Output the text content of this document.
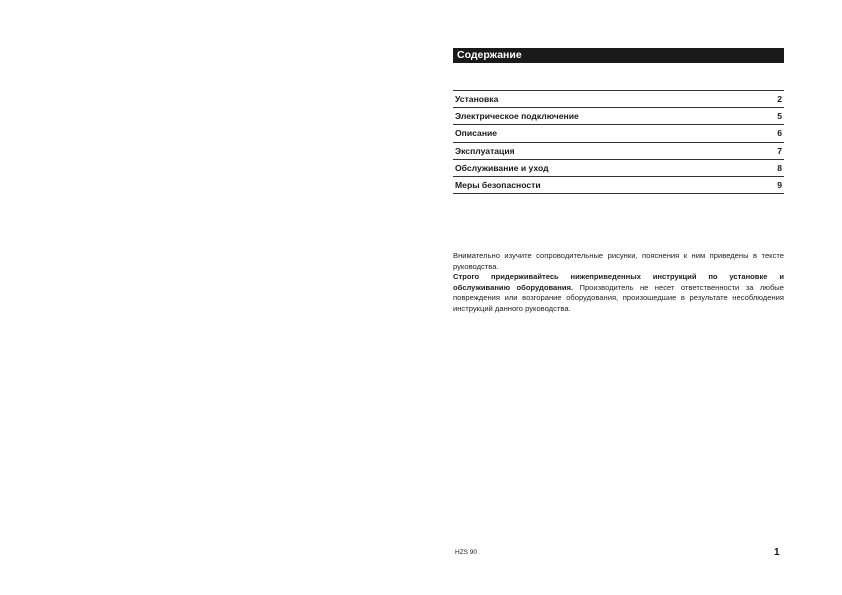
Содержание
Установка	2
Электрическое подключение	5
Описание	6
Эксплуатация	7
Обслуживание и уход	8
Меры безопасности	9
Внимательно изучите сопроводительные рисунки, пояснения к ним приведены в тексте руководства.
Строго придерживайтесь нижеприведенных инструкций по установке и обслуживанию оборудования. Производитель не несет ответственности за любые повреждения или возгорание оборудования, произошедшие в результате несоблюдения инструкций данного руководства.
HZS 90	1
